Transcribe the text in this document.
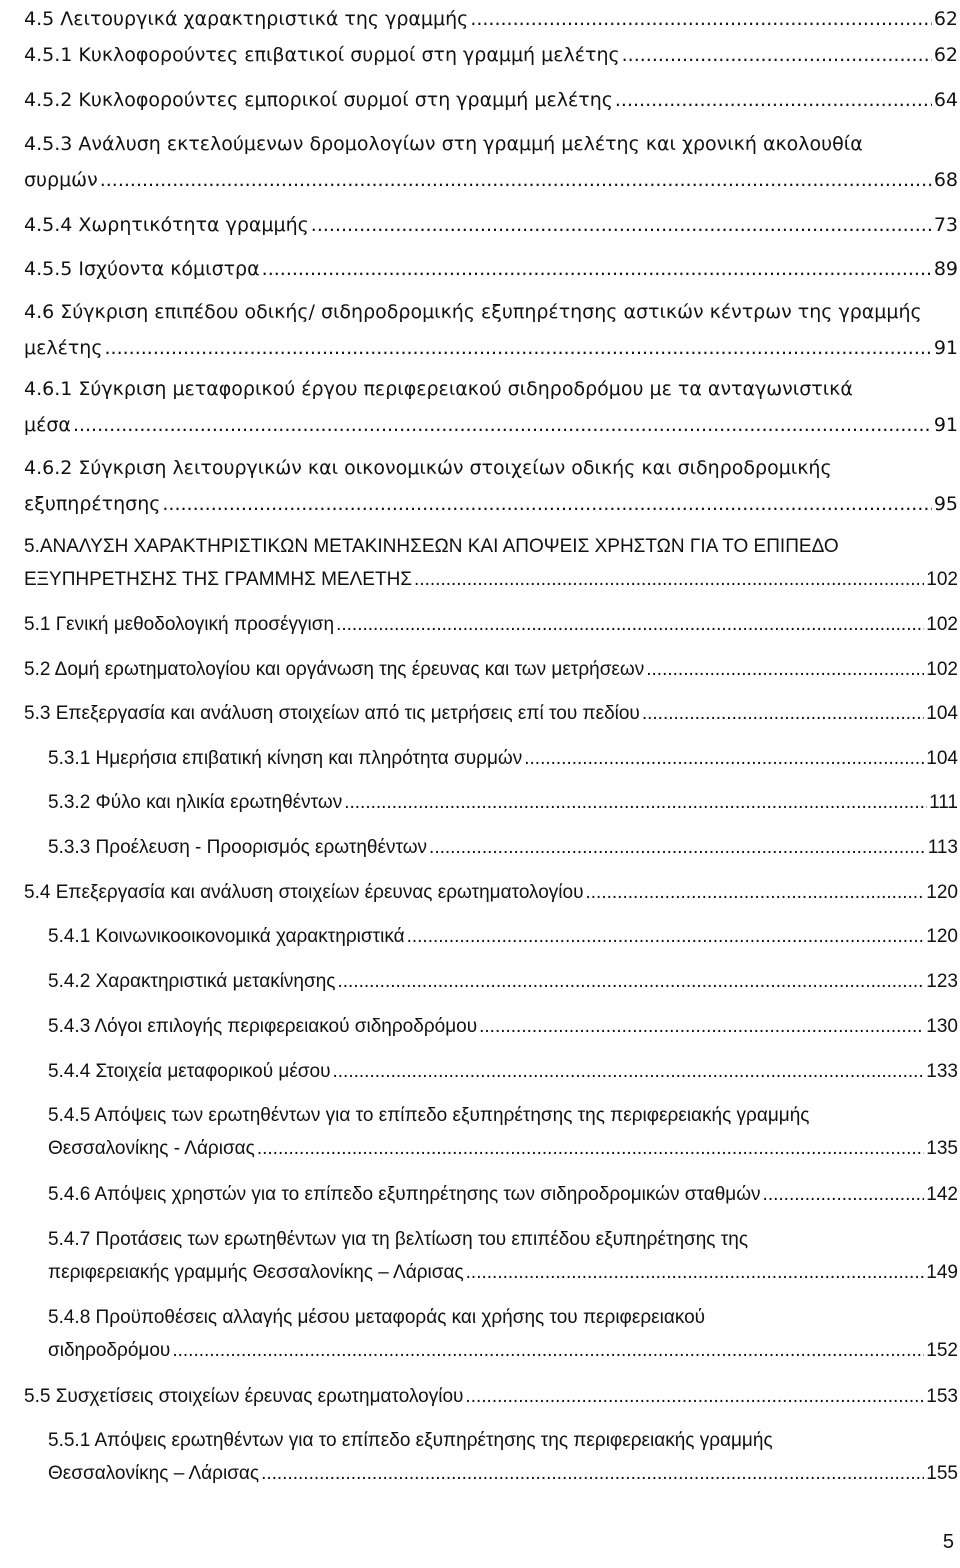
4.5 Λειτουργικά χαρακτηριστικά της γραμμής .....	62
4.5.1 Κυκλοφορούντες επιβατικοί συρμοί στη γραμμή μελέτης .....	62
4.5.2 Κυκλοφορούντες εμπορικοί συρμοί στη γραμμή μελέτης .....	64
4.5.3 Ανάλυση εκτελούμενων δρομολογίων στη γραμμή μελέτης και χρονική ακολουθία
συρμών .....	68
4.5.4 Χωρητικότητα γραμμής .....	73
4.5.5 Ισχύοντα κόμιστρα .....	89
4.6 Σύγκριση επιπέδου οδικής/ σιδηροδρομικής εξυπηρέτησης αστικών κέντρων της γραμμής
μελέτης .....	91
4.6.1 Σύγκριση μεταφορικού έργου περιφερειακού σιδηροδρόμου με τα ανταγωνιστικά
μέσα .....	91
4.6.2 Σύγκριση λειτουργικών και οικονομικών στοιχείων οδικής και σιδηροδρομικής
εξυπηρέτησης .....	95
5.ΑΝΑΛΥΣΗ ΧΑΡΑΚΤΗΡΙΣΤΙΚΩΝ ΜΕΤΑΚΙΝΗΣΕΩΝ ΚΑΙ ΑΠΟΨΕΙΣ ΧΡΗΣΤΩΝ ΓΙΑ ΤΟ ΕΠΙΠΕΔΟ
ΕΞΥΠΗΡΕΤΗΣΗΣ ΤΗΣ ΓΡΑΜΜΗΣ ΜΕΛΕΤΗΣ .....	102
5.1 Γενική μεθοδολογική προσέγγιση .....	102
5.2 Δομή ερωτηματολογίου και οργάνωση της έρευνας και των μετρήσεων .....	102
5.3 Επεξεργασία και ανάλυση στοιχείων από τις μετρήσεις επί του πεδίου .....	104
5.3.1 Ημερήσια επιβατική κίνηση και πληρότητα συρμών .....	104
5.3.2 Φύλο και ηλικία ερωτηθέντων .....	111
5.3.3 Προέλευση - Προορισμός ερωτηθέντων .....	113
5.4 Επεξεργασία και ανάλυση στοιχείων έρευνας ερωτηματολογίου .....	120
5.4.1 Κοινωνικοοικονομικά χαρακτηριστικά .....	120
5.4.2 Χαρακτηριστικά μετακίνησης .....	123
5.4.3 Λόγοι επιλογής περιφερειακού σιδηροδρόμου .....	130
5.4.4 Στοιχεία μεταφορικού μέσου .....	133
5.4.5 Απόψεις των ερωτηθέντων για το επίπεδο εξυπηρέτησης της περιφερειακής γραμμής
Θεσσαλονίκης - Λάρισας .....	135
5.4.6 Απόψεις χρηστών για το επίπεδο εξυπηρέτησης των σιδηροδρομικών σταθμών .....	142
5.4.7 Προτάσεις των ερωτηθέντων για τη βελτίωση του επιπέδου εξυπηρέτησης της
περιφερειακής γραμμής Θεσσαλονίκης – Λάρισας .....	149
5.4.8 Προϋποθέσεις αλλαγής μέσου μεταφοράς και χρήσης του περιφερειακού
σιδηροδρόμου .....	152
5.5 Συσχετίσεις στοιχείων έρευνας ερωτηματολογίου .....	153
5.5.1 Απόψεις ερωτηθέντων για το επίπεδο εξυπηρέτησης της περιφερειακής γραμμής
Θεσσαλονίκης – Λάρισας .....	155
5
